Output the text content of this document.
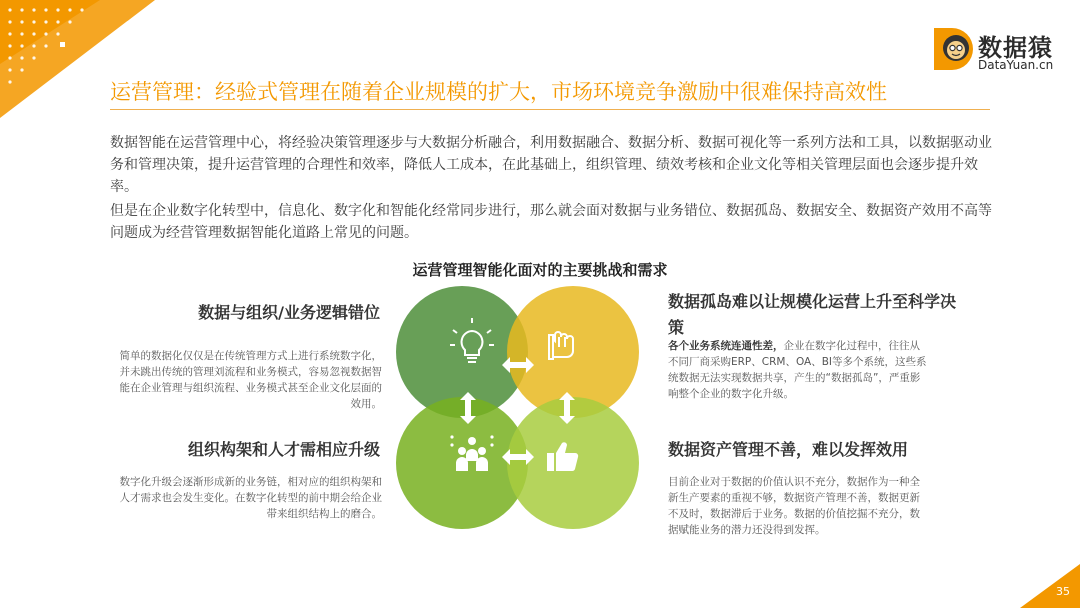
数据猿
DataYuan.cn
运营管理：经验式管理在随着企业规模的扩大，市场环境竞争激励中很难保持高效性

数据智能在运营管理中心，将经验决策管理逐步与大数据分析融合，利用数据融合、数据分析、数据可视化等一系列方法和工具，以数据驱动业务和管理决策，提升运营管理的合理性和效率，降低人工成本，在此基础上，组织管理、绩效考核和企业文化等相关管理层面也会逐步提升效率。

但是在企业数字化转型中，信息化、数字化和智能化经常同步进行，那么就会面对数据与业务错位、数据孤岛、数据安全、数据资产效用不高等问题成为经营管理数据智能化道路上常见的问题。

运营管理智能化面对的主要挑战和需求
数据与组织/业务逻辑错位

简单的数据化仅仅是在传统管理方式上进行系统数字化，并未跳出传统的管理刘流程和业务模式，容易忽视数据智能在企业管理与组织流程、业务模式甚至企业文化层面的效用。

组织构架和人才需相应升级

数字化升级会逐渐形成新的业务链，相对应的组织构架和人才需求也会发生变化。在数字化转型的前中期会给企业带来组织结构上的磨合。

数据孤岛难以让规模化运营上升至科学决策

各个业务系统连通性差，企业在数字化过程中，往往从不同厂商采购ERP、CRM、OA、BI等多个系统，这些系统数据无法实现数据共享，产生的“数据孤岛”，严重影响整个企业的数字化升级。

数据资产管理不善，难以发挥效用

目前企业对于数据的价值认识不充分，数据作为一种全新生产要素的重视不够，数据资产管理不善，数据更新不及时，数据滞后于业务。数据的价值挖掘不充分，数据赋能业务的潜力还没得到发挥。

35
